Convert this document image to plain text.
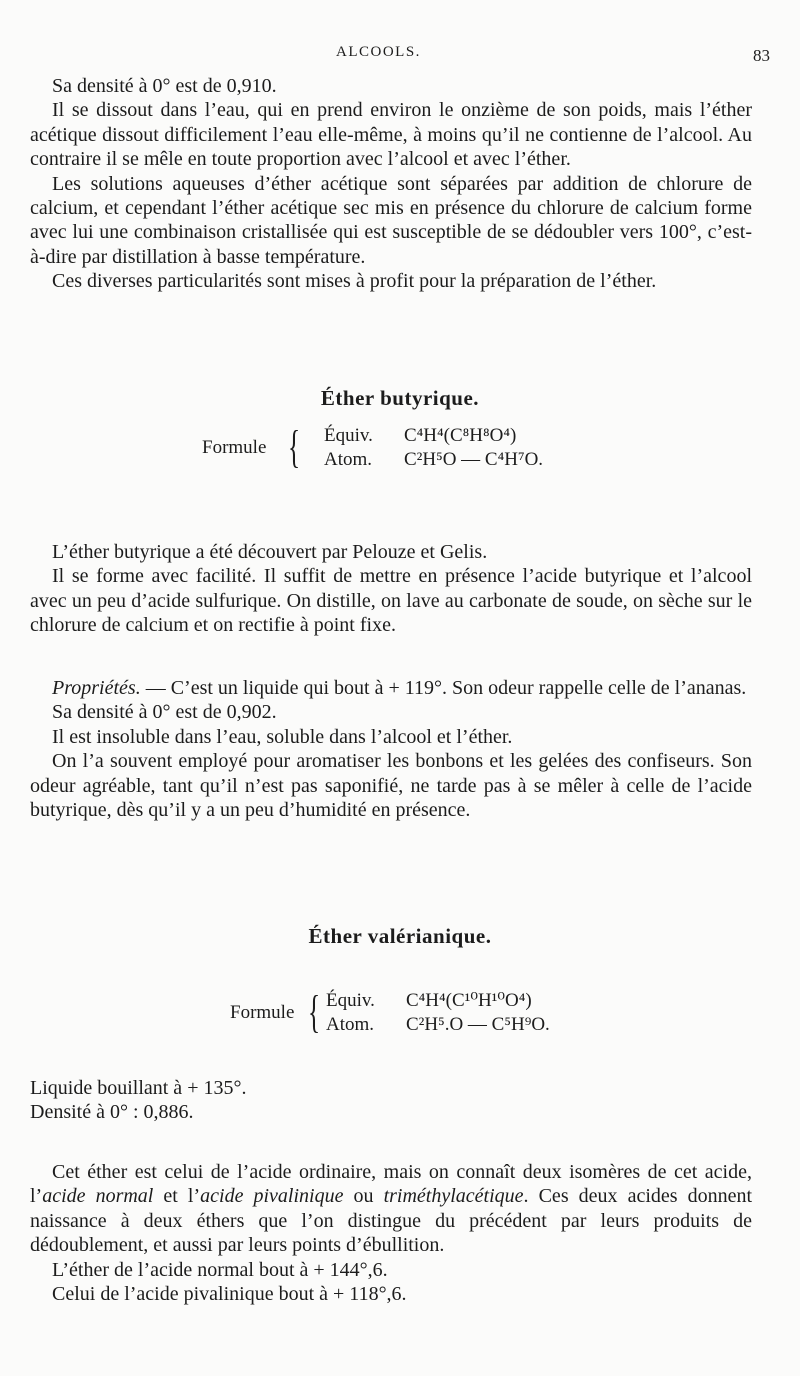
ALCOOLS.	83

Sa densité à 0° est de 0,910.

Il se dissout dans l’eau, qui en prend environ le onzième de son poids, mais l’éther acétique dissout difficilement l’eau elle-même, à moins qu’il ne contienne de l’alcool. Au contraire il se mêle en toute proportion avec l’alcool et avec l’éther.

Les solutions aqueuses d’éther acétique sont séparées par addition de chlorure de calcium, et cependant l’éther acétique sec mis en présence du chlorure de calcium forme avec lui une combinaison cristallisée qui est susceptible de se dédoubler vers 100°, c’est-à-dire par distillation à basse température.

Ces diverses particularités sont mises à profit pour la préparation de l’éther.

Éther butyrique.
Formule { Équiv. C⁴H⁴(C⁸H⁸O⁴)
Atom. C²H⁵O — C⁴H⁷O.

L’éther butyrique a été découvert par Pelouze et Gelis.

Il se forme avec facilité. Il suffit de mettre en présence l’acide butyrique et l’alcool avec un peu d’acide sulfurique. On distille, on lave au carbonate de soude, on sèche sur le chlorure de calcium et on rectifie à point fixe.

Propriétés. — C’est un liquide qui bout à + 119°. Son odeur rappelle celle de l’ananas.

Sa densité à 0° est de 0,902.

Il est insoluble dans l’eau, soluble dans l’alcool et l’éther.

On l’a souvent employé pour aromatiser les bonbons et les gelées des confiseurs. Son odeur agréable, tant qu’il n’est pas saponifié, ne tarde pas à se mêler à celle de l’acide butyrique, dès qu’il y a un peu d’humidité en présence.

Éther valérianique.
Formule { Équiv. C⁴H⁴(C¹⁰H¹⁰O⁴)
Atom. C²H⁵.O — C⁵H⁹O.

Liquide bouillant à + 135°.

Densité à 0° : 0,886.

Cet éther est celui de l’acide ordinaire, mais on connaît deux isomères de cet acide, l’acide normal et l’acide pivalinique ou triméthylacétique. Ces deux acides donnent naissance à deux éthers que l’on distingue du précédent par leurs produits de dédoublement, et aussi par leurs points d’ébullition.

L’éther de l’acide normal bout à + 144°,6.

Celui de l’acide pivalinique bout à + 118°,6.
